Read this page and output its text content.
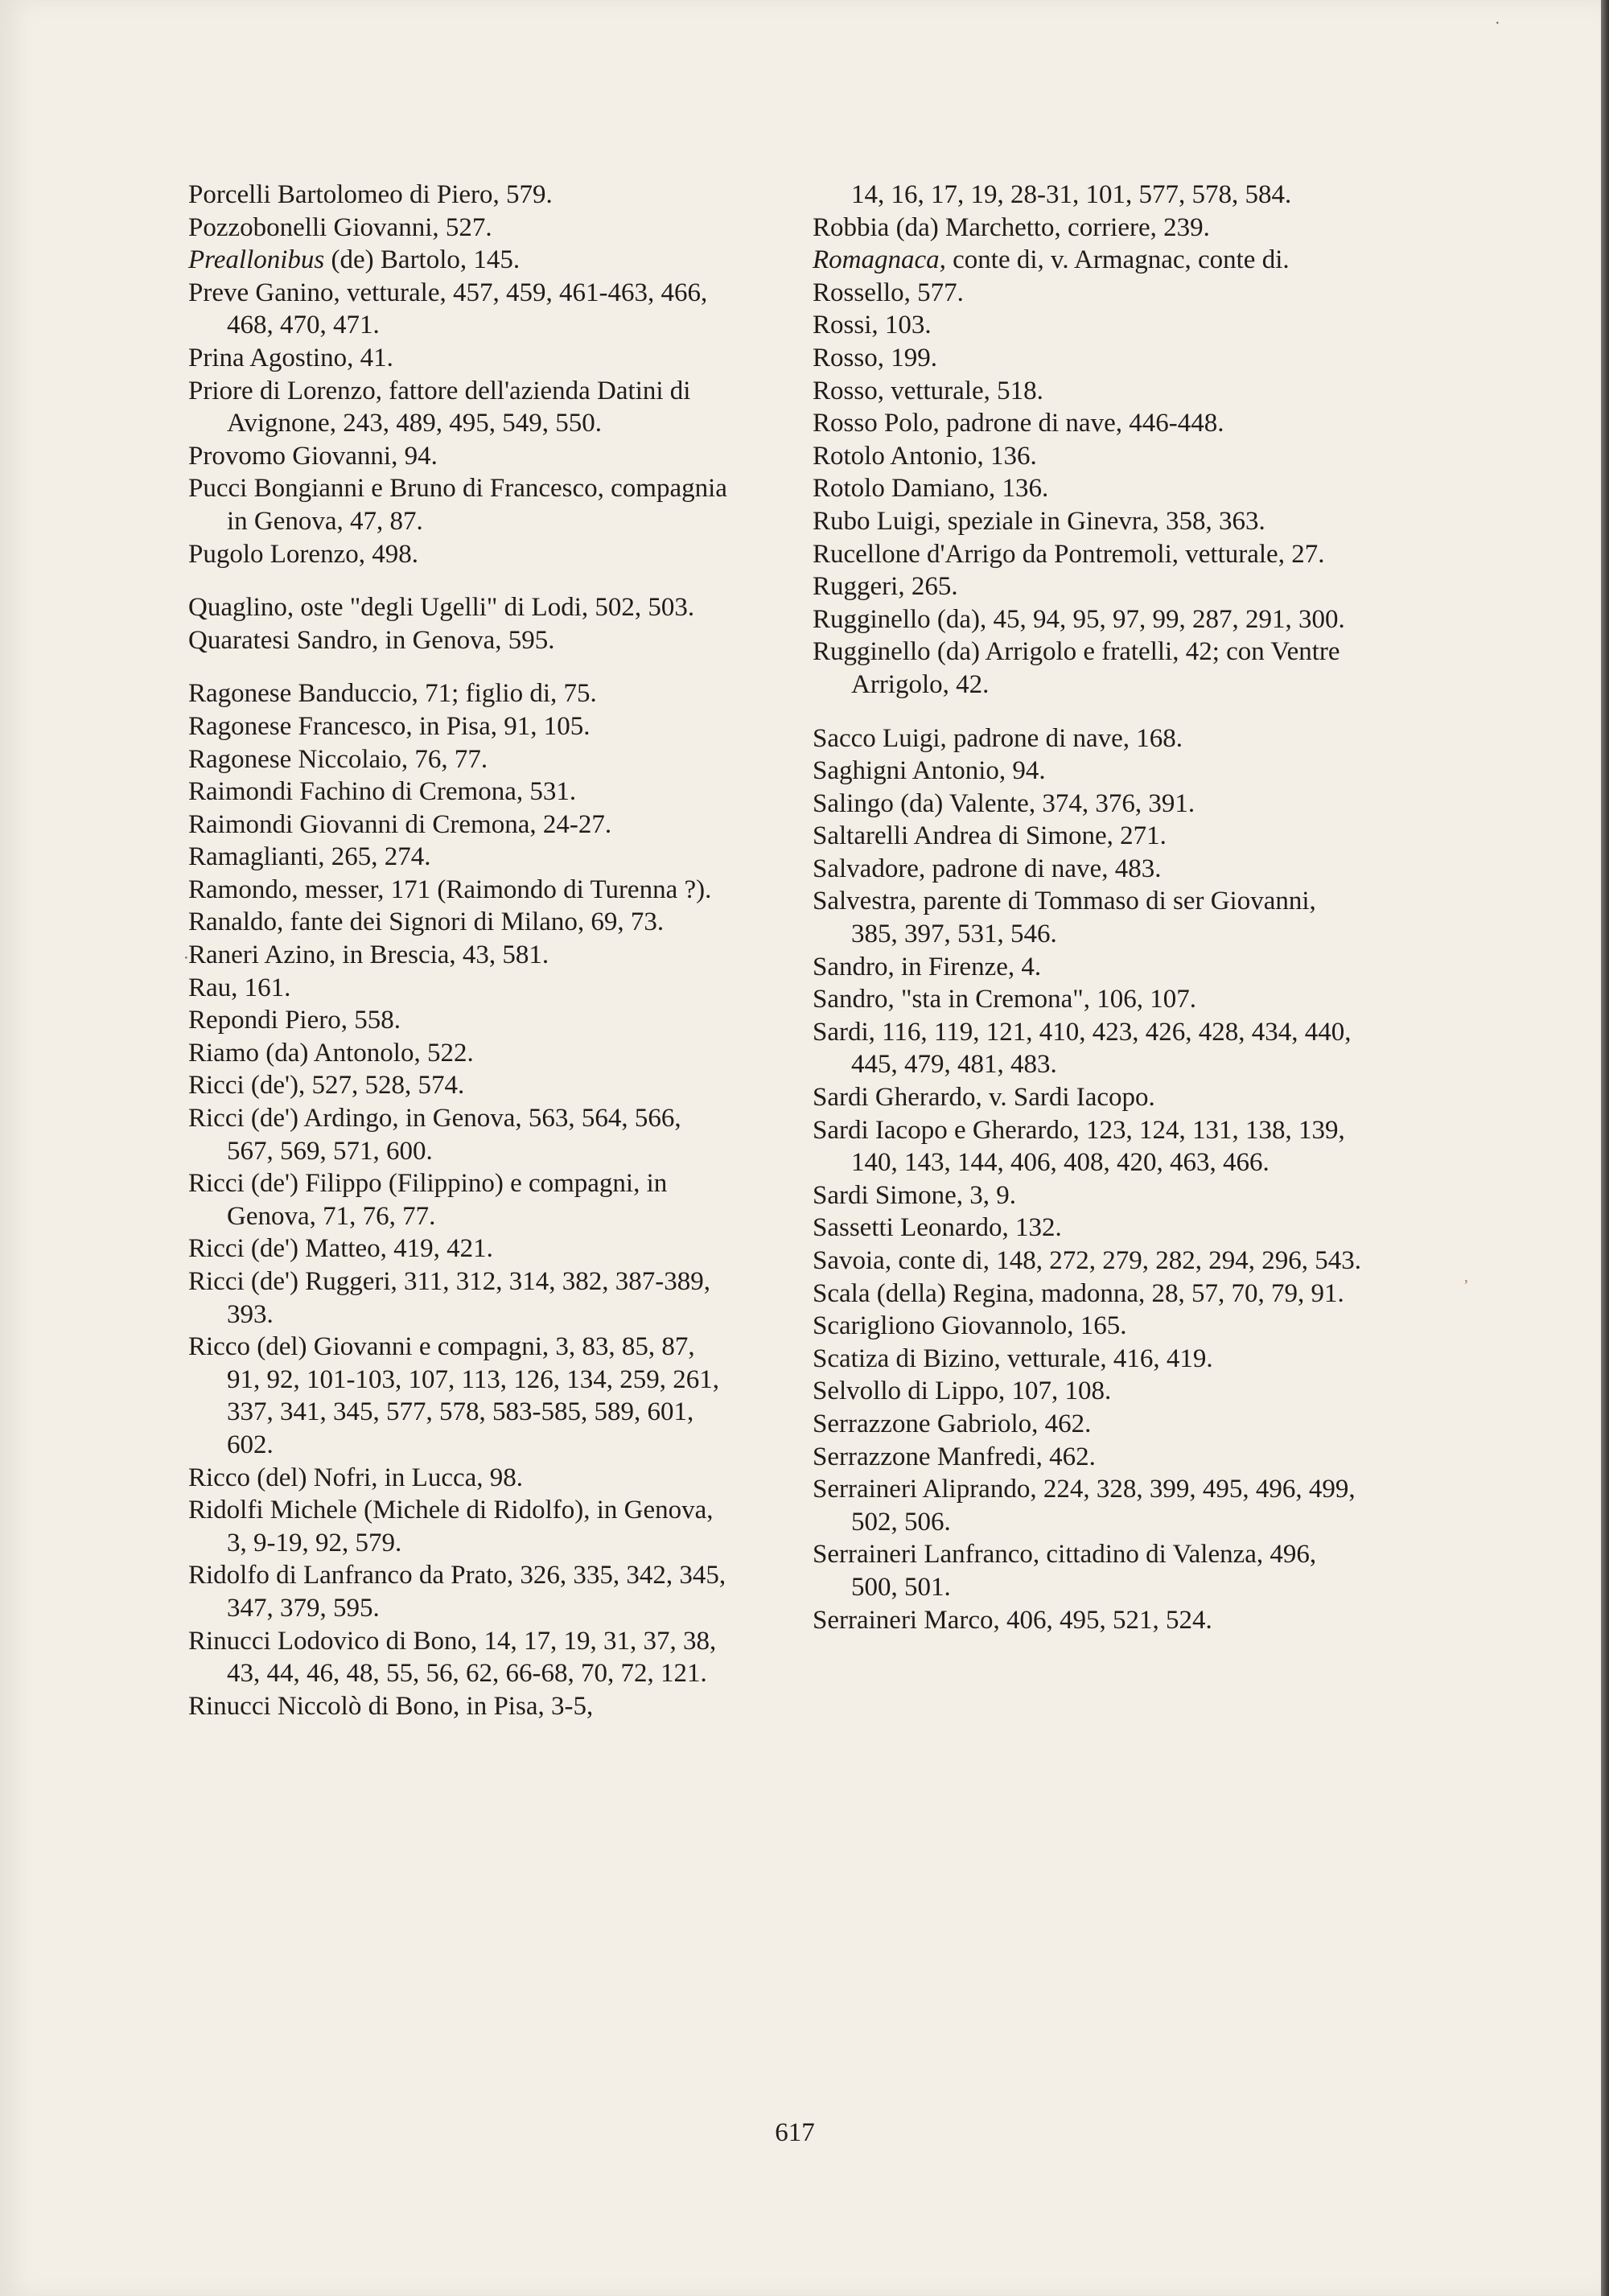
Porcelli Bartolomeo di Piero, 579.
Pozzobonelli Giovanni, 527.
Preallonibus (de) Bartolo, 145.
Preve Ganino, vetturale, 457, 459, 461-463, 466, 468, 470, 471.
Prina Agostino, 41.
Priore di Lorenzo, fattore dell'azienda Datini di Avignone, 243, 489, 495, 549, 550.
Provomo Giovanni, 94.
Pucci Bongianni e Bruno di Francesco, compagnia in Genova, 47, 87.
Pugolo Lorenzo, 498.
Quaglino, oste "degli Ugelli" di Lodi, 502, 503.
Quaratesi Sandro, in Genova, 595.
Ragonese Banduccio, 71; figlio di, 75.
Ragonese Francesco, in Pisa, 91, 105.
Ragonese Niccolaio, 76, 77.
Raimondi Fachino di Cremona, 531.
Raimondi Giovanni di Cremona, 24-27.
Ramaglianti, 265, 274.
Ramondo, messer, 171 (Raimondo di Turenna ?).
Ranaldo, fante dei Signori di Milano, 69, 73.
Raneri Azino, in Brescia, 43, 581.
Rau, 161.
Repondi Piero, 558.
Riamo (da) Antonolo, 522.
Ricci (de'), 527, 528, 574.
Ricci (de') Ardingo, in Genova, 563, 564, 566, 567, 569, 571, 600.
Ricci (de') Filippo (Filippino) e compagni, in Genova, 71, 76, 77.
Ricci (de') Matteo, 419, 421.
Ricci (de') Ruggeri, 311, 312, 314, 382, 387-389, 393.
Ricco (del) Giovanni e compagni, 3, 83, 85, 87, 91, 92, 101-103, 107, 113, 126, 134, 259, 261, 337, 341, 345, 577, 578, 583-585, 589, 601, 602.
Ricco (del) Nofri, in Lucca, 98.
Ridolfi Michele (Michele di Ridolfo), in Genova, 3, 9-19, 92, 579.
Ridolfo di Lanfranco da Prato, 326, 335, 342, 345, 347, 379, 595.
Rinucci Lodovico di Bono, 14, 17, 19, 31, 37, 38, 43, 44, 46, 48, 55, 56, 62, 66-68, 70, 72, 121.
Rinucci Niccolò di Bono, in Pisa, 3-5,
14, 16, 17, 19, 28-31, 101, 577, 578, 584.
Robbia (da) Marchetto, corriere, 239.
Romagnaca, conte di, v. Armagnac, conte di.
Rossello, 577.
Rossi, 103.
Rosso, 199.
Rosso, vetturale, 518.
Rosso Polo, padrone di nave, 446-448.
Rotolo Antonio, 136.
Rotolo Damiano, 136.
Rubo Luigi, speziale in Ginevra, 358, 363.
Rucellone d'Arrigo da Pontremoli, vetturale, 27.
Ruggeri, 265.
Rugginello (da), 45, 94, 95, 97, 99, 287, 291, 300.
Rugginello (da) Arrigolo e fratelli, 42; con Ventre Arrigolo, 42.
Sacco Luigi, padrone di nave, 168.
Saghigni Antonio, 94.
Salingo (da) Valente, 374, 376, 391.
Saltarelli Andrea di Simone, 271.
Salvadore, padrone di nave, 483.
Salvestra, parente di Tommaso di ser Giovanni, 385, 397, 531, 546.
Sandro, in Firenze, 4.
Sandro, "sta in Cremona", 106, 107.
Sardi, 116, 119, 121, 410, 423, 426, 428, 434, 440, 445, 479, 481, 483.
Sardi Gherardo, v. Sardi Iacopo.
Sardi Iacopo e Gherardo, 123, 124, 131, 138, 139, 140, 143, 144, 406, 408, 420, 463, 466.
Sardi Simone, 3, 9.
Sassetti Leonardo, 132.
Savoia, conte di, 148, 272, 279, 282, 294, 296, 543.
Scala (della) Regina, madonna, 28, 57, 70, 79, 91.
Scarigliono Giovannolo, 165.
Scatiza di Bizino, vetturale, 416, 419.
Selvollo di Lippo, 107, 108.
Serrazzone Gabriolo, 462.
Serrazzone Manfredi, 462.
Serraineri Aliprando, 224, 328, 399, 495, 496, 499, 502, 506.
Serraineri Lanfranco, cittadino di Valenza, 496, 500, 501.
Serraineri Marco, 406, 495, 521, 524.
617
·
·
,
